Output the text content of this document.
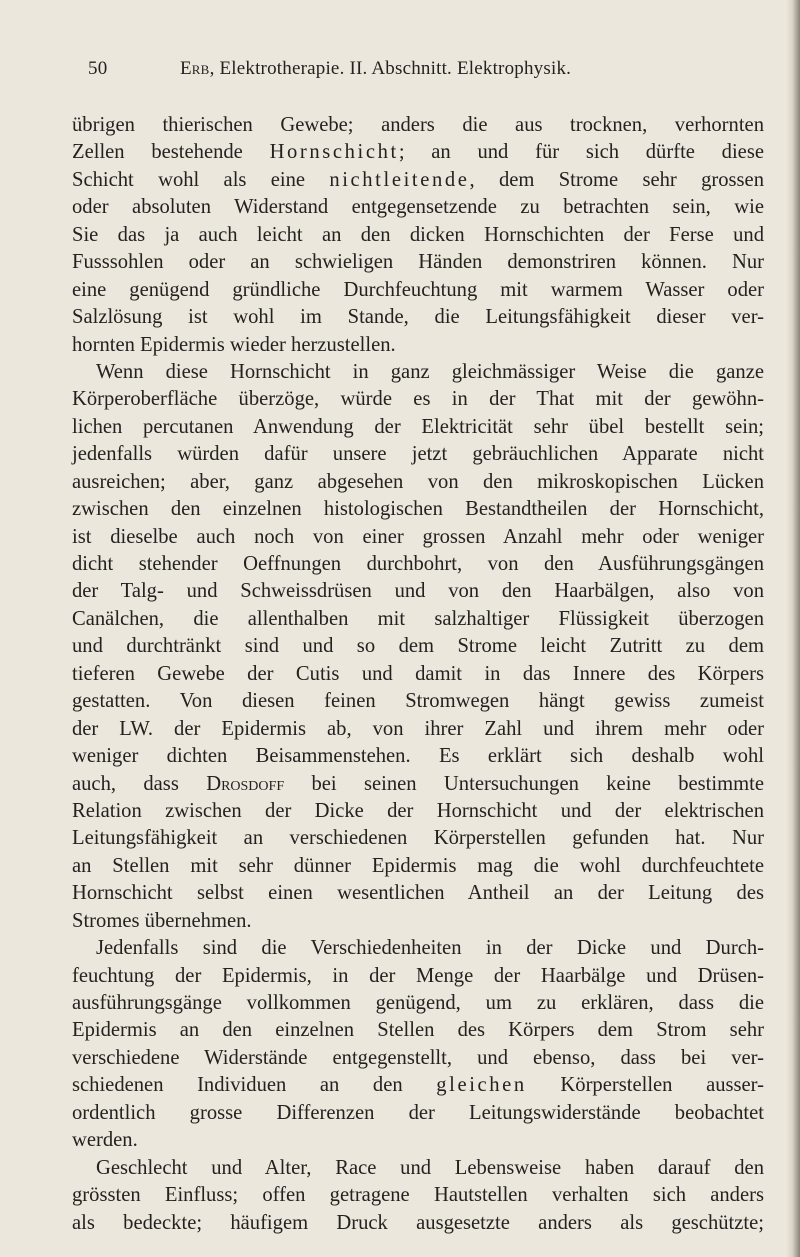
50	Erb, Elektrotherapie. II. Abschnitt. Elektrophysik.
übrigen thierischen Gewebe; anders die aus trocknen, verhornten
Zellen bestehende Hornschicht; an und für sich dürfte diese
Schicht wohl als eine nichtleitende, dem Strome sehr grossen
oder absoluten Widerstand entgegensetzende zu betrachten sein, wie
Sie das ja auch leicht an den dicken Hornschichten der Ferse und
Fusssohlen oder an schwieligen Händen demonstriren können. Nur
eine genügend gründliche Durchfeuchtung mit warmem Wasser oder
Salzlösung ist wohl im Stande, die Leitungsfähigkeit dieser ver-
hornten Epidermis wieder herzustellen.
Wenn diese Hornschicht in ganz gleichmässiger Weise die ganze
Körperoberfläche überzöge, würde es in der That mit der gewöhn-
lichen percutanen Anwendung der Elektricität sehr übel bestellt sein;
jedenfalls würden dafür unsere jetzt gebräuchlichen Apparate nicht
ausreichen; aber, ganz abgesehen von den mikroskopischen Lücken
zwischen den einzelnen histologischen Bestandtheilen der Hornschicht,
ist dieselbe auch noch von einer grossen Anzahl mehr oder weniger
dicht stehender Oeffnungen durchbohrt, von den Ausführungsgängen
der Talg- und Schweissdrüsen und von den Haarbälgen, also von
Canälchen, die allenthalben mit salzhaltiger Flüssigkeit überzogen
und durchtränkt sind und so dem Strome leicht Zutritt zu dem
tieferen Gewebe der Cutis und damit in das Innere des Körpers
gestatten. Von diesen feinen Stromwegen hängt gewiss zumeist
der LW. der Epidermis ab, von ihrer Zahl und ihrem mehr oder
weniger dichten Beisammenstehen. Es erklärt sich deshalb wohl
auch, dass Drosdoff bei seinen Untersuchungen keine bestimmte
Relation zwischen der Dicke der Hornschicht und der elektrischen
Leitungsfähigkeit an verschiedenen Körperstellen gefunden hat. Nur
an Stellen mit sehr dünner Epidermis mag die wohl durchfeuchtete
Hornschicht selbst einen wesentlichen Antheil an der Leitung des
Stromes übernehmen.
Jedenfalls sind die Verschiedenheiten in der Dicke und Durch-
feuchtung der Epidermis, in der Menge der Haarbälge und Drüsen-
ausführungsgänge vollkommen genügend, um zu erklären, dass die
Epidermis an den einzelnen Stellen des Körpers dem Strom sehr
verschiedene Widerstände entgegenstellt, und ebenso, dass bei ver-
schiedenen Individuen an den gleichen Körperstellen ausser-
ordentlich grosse Differenzen der Leitungswiderstände beobachtet
werden.
Geschlecht und Alter, Race und Lebensweise haben darauf den
grössten Einfluss; offen getragene Hautstellen verhalten sich anders
als bedeckte; häufigem Druck ausgesetzte anders als geschützte;
